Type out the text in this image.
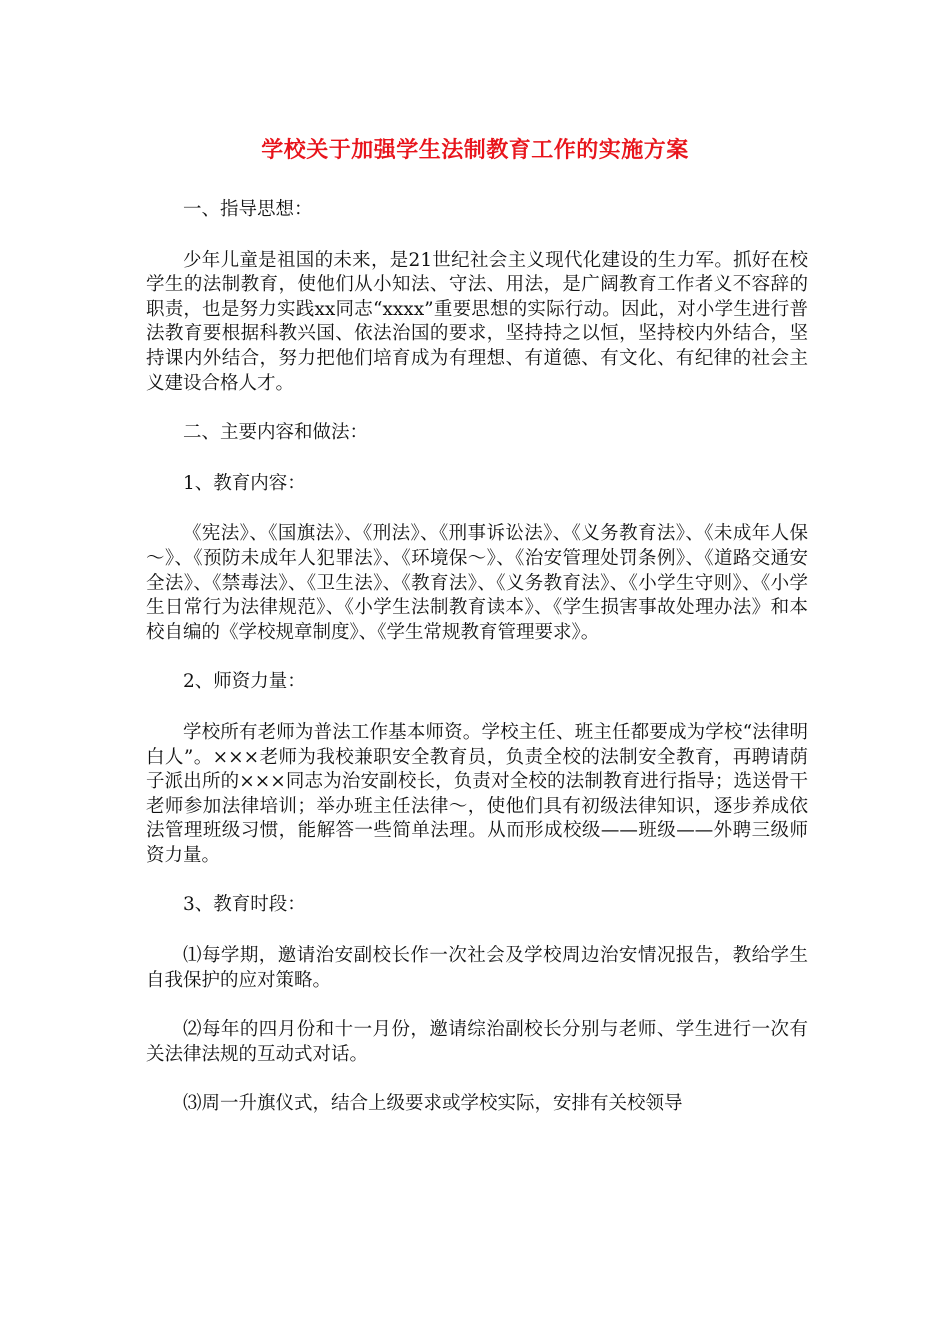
学校关于加强学生法制教育工作的实施方案

一、指导思想：

少年儿童是祖国的未来，是21世纪社会主义现代化建设的生力军。抓好在校学生的法制教育，使他们从小知法、守法、用法，是广阔教育工作者义不容辞的职责，也是努力实践xx同志“xxxx”重要思想的实际行动。因此，对小学生进行普法教育要根据科教兴国、依法治国的要求，坚持持之以恒，坚持校内外结合，坚持课内外结合，努力把他们培育成为有理想、有道德、有文化、有纪律的社会主义建设合格人才。

二、主要内容和做法：

1、教育内容：

《宪法》、《国旗法》、《刑法》、《刑事诉讼法》、《义务教育法》、《未成年人保～》、《预防未成年人犯罪法》、《环境保～》、《治安管理处罚条例》、《道路交通安全法》、《禁毒法》、《卫生法》、《教育法》、《义务教育法》、《小学生守则》、《小学生日常行为法律规范》、《小学生法制教育读本》、《学生损害事故处理办法》和本校自编的《学校规章制度》、《学生常规教育管理要求》。

2、师资力量：

学校所有老师为普法工作基本师资。学校主任、班主任都要成为学校“法律明白人”。×××老师为我校兼职安全教育员，负责全校的法制安全教育，再聘请荫子派出所的×××同志为治安副校长，负责对全校的法制教育进行指导；选送骨干老师参加法律培训；举办班主任法律～，使他们具有初级法律知识，逐步养成依法管理班级习惯，能解答一些简单法理。从而形成校级——班级——外聘三级师资力量。

3、教育时段：

⑴每学期，邀请治安副校长作一次社会及学校周边治安情况报告，教给学生自我保护的应对策略。

⑵每年的四月份和十一月份，邀请综治副校长分别与老师、学生进行一次有关法律法规的互动式对话。

⑶周一升旗仪式，结合上级要求或学校实际，安排有关校领导
